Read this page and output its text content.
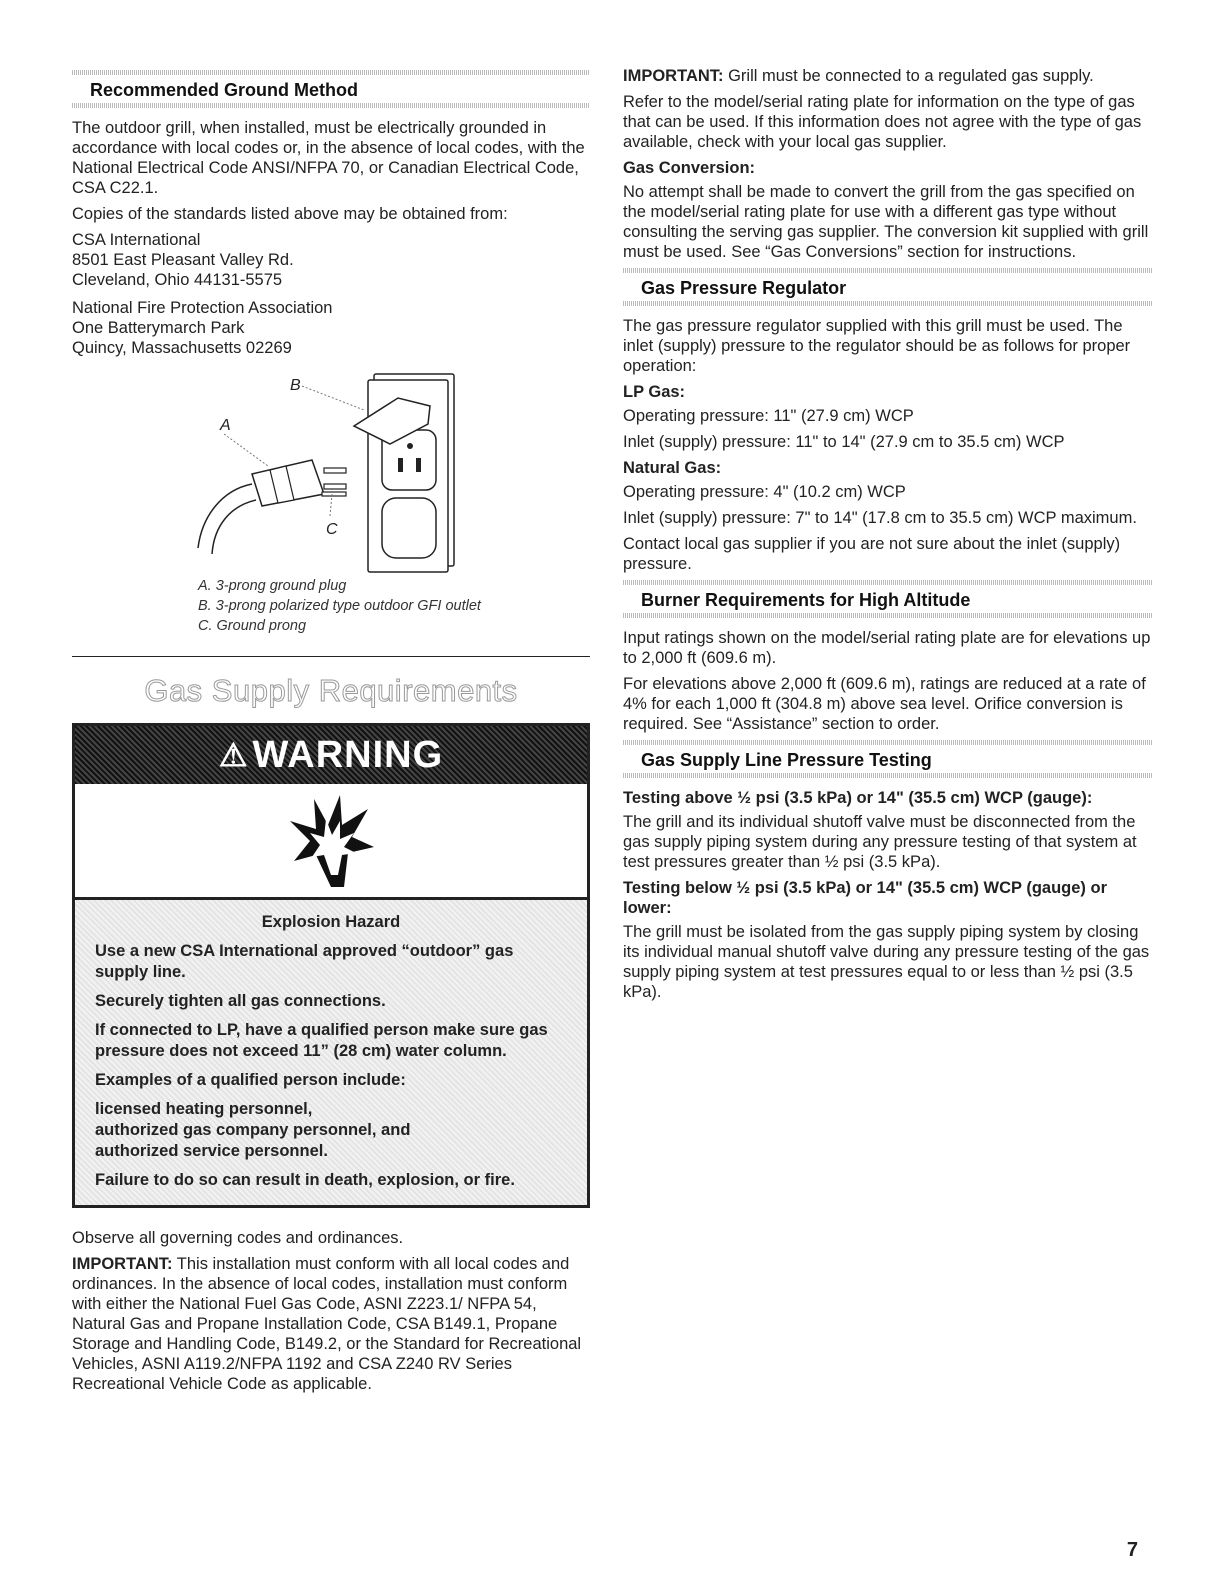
Recommended Ground Method

The outdoor grill, when installed, must be electrically grounded in accordance with local codes or, in the absence of local codes, with the National Electrical Code ANSI/NFPA 70, or Canadian Electrical Code, CSA C22.1.

Copies of the standards listed above may be obtained from:

CSA International
8501 East Pleasant Valley Rd.
Cleveland, Ohio 44131-5575

National Fire Protection Association
One Batterymarch Park
Quincy, Massachusetts 02269

A
B
C
A. 3-prong ground plug
B. 3-prong polarized type outdoor GFI outlet
C. Ground prong
Gas Supply Requirements
⚠ WARNING

Explosion Hazard

Use a new CSA International approved “outdoor” gas supply line.

Securely tighten all gas connections.

If connected to LP, have a qualified person make sure gas pressure does not exceed 11” (28 cm) water column.

Examples of a qualified person include:

licensed heating personnel,
authorized gas company personnel, and
authorized service personnel.

Failure to do so can result in death, explosion, or fire.

Observe all governing codes and ordinances.

IMPORTANT: This installation must conform with all local codes and ordinances. In the absence of local codes, installation must conform with either the National Fuel Gas Code, ASNI Z223.1/ NFPA 54, Natural Gas and Propane Installation Code, CSA B149.1, Propane Storage and Handling Code, B149.2, or the Standard for Recreational Vehicles, ASNI A119.2/NFPA 1192 and CSA Z240 RV Series Recreational Vehicle Code as applicable.

IMPORTANT: Grill must be connected to a regulated gas supply.

Refer to the model/serial rating plate for information on the type of gas that can be used. If this information does not agree with the type of gas available, check with your local gas supplier.

Gas Conversion:

No attempt shall be made to convert the grill from the gas specified on the model/serial rating plate for use with a different gas type without consulting the serving gas supplier. The conversion kit supplied with grill must be used. See “Gas Conversions” section for instructions.

Gas Pressure Regulator

The gas pressure regulator supplied with this grill must be used. The inlet (supply) pressure to the regulator should be as follows for proper operation:

LP Gas:

Operating pressure: 11" (27.9 cm) WCP

Inlet (supply) pressure: 11" to 14" (27.9 cm to 35.5 cm) WCP

Natural Gas:

Operating pressure: 4" (10.2 cm) WCP

Inlet (supply) pressure: 7" to 14" (17.8 cm to 35.5 cm) WCP maximum.

Contact local gas supplier if you are not sure about the inlet (supply) pressure.

Burner Requirements for High Altitude

Input ratings shown on the model/serial rating plate are for elevations up to 2,000 ft (609.6 m).

For elevations above 2,000 ft (609.6 m), ratings are reduced at a rate of 4% for each 1,000 ft (304.8 m) above sea level. Orifice conversion is required. See “Assistance” section to order.

Gas Supply Line Pressure Testing

Testing above ½ psi (3.5 kPa) or 14" (35.5 cm) WCP (gauge):

The grill and its individual shutoff valve must be disconnected from the gas supply piping system during any pressure testing of that system at test pressures greater than ½ psi (3.5 kPa).

Testing below ½ psi (3.5 kPa) or 14" (35.5 cm) WCP (gauge) or lower:

The grill must be isolated from the gas supply piping system by closing its individual manual shutoff valve during any pressure testing of the gas supply piping system at test pressures equal to or less than ½ psi (3.5 kPa).

7
